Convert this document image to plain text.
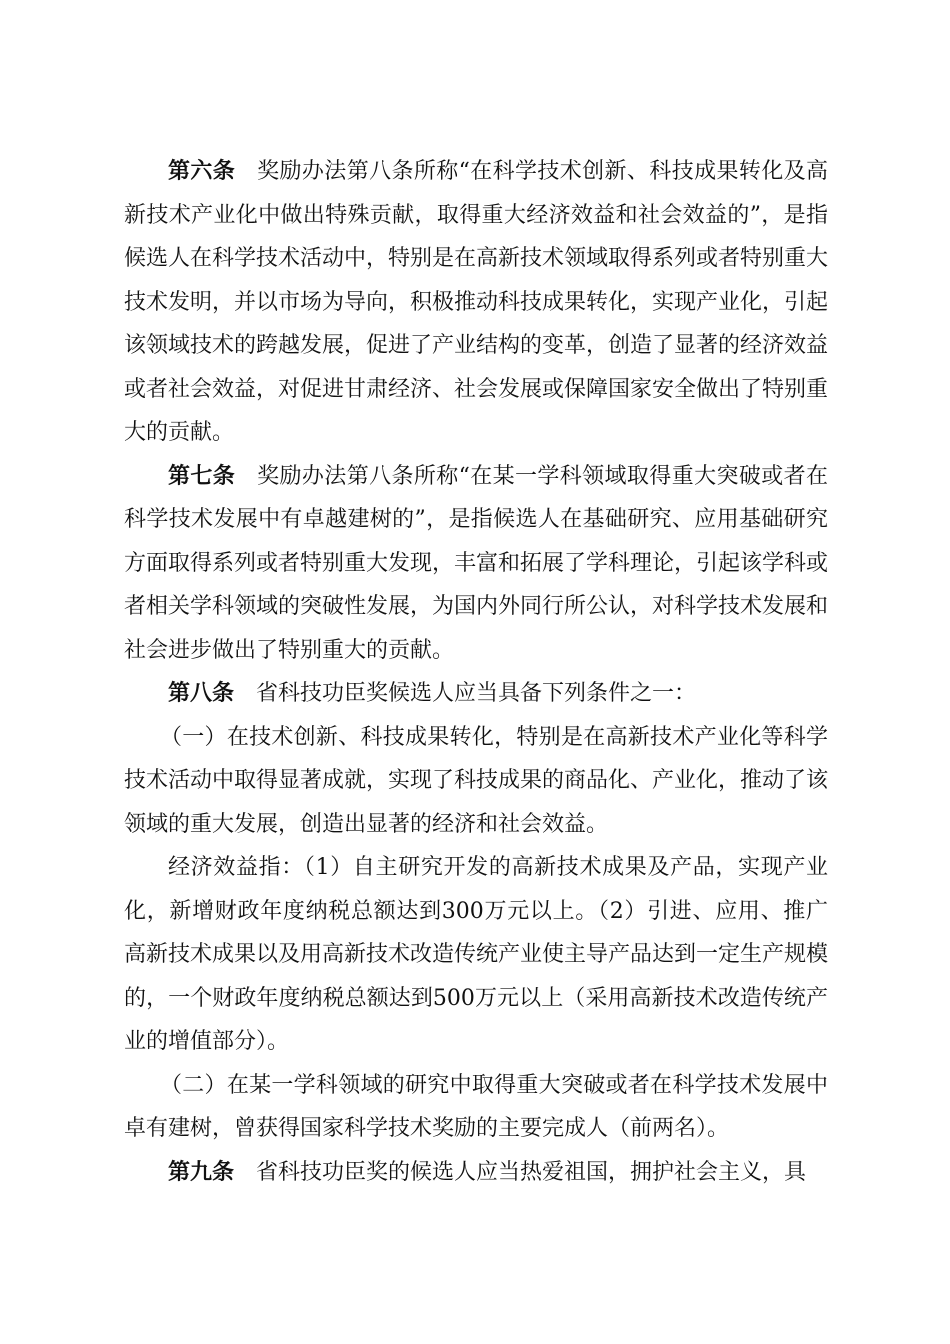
第六条 奖励办法第八条所称“在科学技术创新、科技成果转化及高新技术产业化中做出特殊贡献，取得重大经济效益和社会效益的”，是指候选人在科学技术活动中，特别是在高新技术领域取得系列或者特别重大技术发明，并以市场为导向，积极推动科技成果转化，实现产业化，引起该领域技术的跨越发展，促进了产业结构的变革，创造了显著的经济效益或者社会效益，对促进甘肃经济、社会发展或保障国家安全做出了特别重大的贡献。

第七条 奖励办法第八条所称“在某一学科领域取得重大突破或者在科学技术发展中有卓越建树的”，是指候选人在基础研究、应用基础研究方面取得系列或者特别重大发现，丰富和拓展了学科理论，引起该学科或者相关学科领域的突破性发展，为国内外同行所公认，对科学技术发展和社会进步做出了特别重大的贡献。

第八条 省科技功臣奖候选人应当具备下列条件之一：

（一）在技术创新、科技成果转化，特别是在高新技术产业化等科学技术活动中取得显著成就，实现了科技成果的商品化、产业化，推动了该领域的重大发展，创造出显著的经济和社会效益。

经济效益指：（1）自主研究开发的高新技术成果及产品，实现产业化，新增财政年度纳税总额达到300万元以上。（2）引进、应用、推广高新技术成果以及用高新技术改造传统产业使主导产品达到一定生产规模的，一个财政年度纳税总额达到500万元以上（采用高新技术改造传统产业的增值部分）。

（二）在某一学科领域的研究中取得重大突破或者在科学技术发展中卓有建树，曾获得国家科学技术奖励的主要完成人（前两名）。

第九条 省科技功臣奖的候选人应当热爱祖国，拥护社会主义，具
